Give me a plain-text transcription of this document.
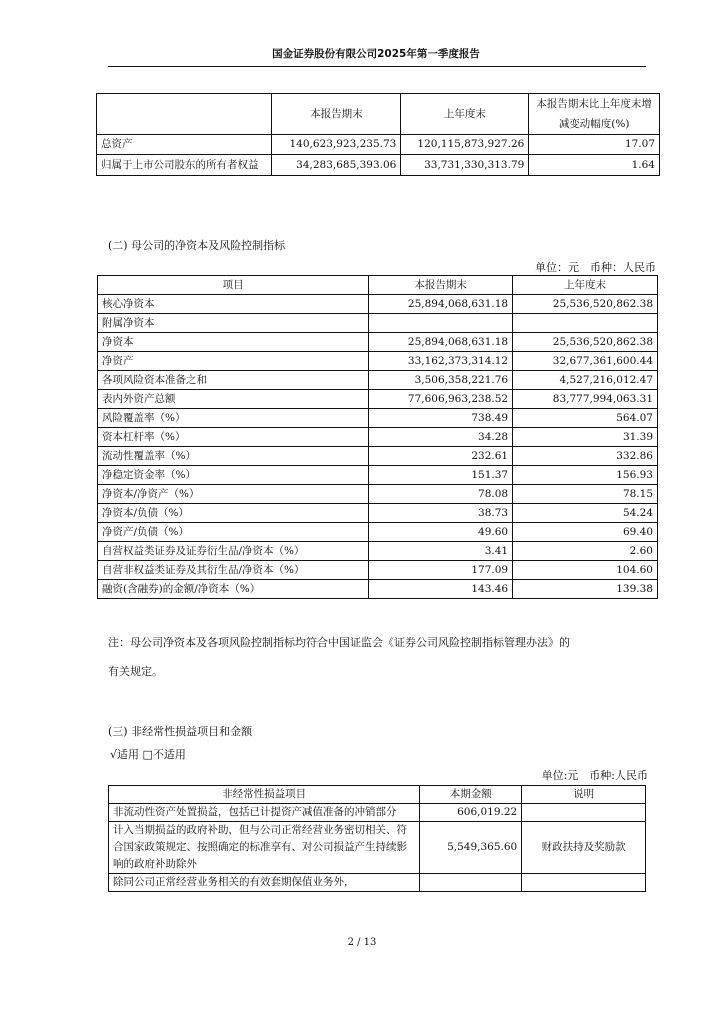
国金证券股份有限公司2025年第一季度报告
	本报告期末	上年度末	本报告期末比上年度末增减变动幅度(%)
总资产	140,623,923,235.73	120,115,873,927.26	17.07
归属于上市公司股东的所有者权益	34,283,685,393.06	33,731,330,313.79	1.64
(二) 母公司的净资本及风险控制指标
单位：元　币种：人民币
项目	本报告期末	上年度末
核心净资本	25,894,068,631.18	25,536,520,862.38
附属净资本		
净资本	25,894,068,631.18	25,536,520,862.38
净资产	33,162,373,314.12	32,677,361,600.44
各项风险资本准备之和	3,506,358,221.76	4,527,216,012.47
表内外资产总额	77,606,963,238.52	83,777,994,063.31
风险覆盖率（%）	738.49	564.07
资本杠杆率（%）	34.28	31.39
流动性覆盖率（%）	232.61	332.86
净稳定资金率（%）	151.37	156.93
净资本/净资产（%）	78.08	78.15
净资本/负债（%）	38.73	54.24
净资产/负债（%）	49.60	69.40
自营权益类证券及证券衍生品/净资本（%）	3.41	2.60
自营非权益类证券及其衍生品/净资本（%）	177.09	104.60
融资(含融券)的金额/净资本（%）	143.46	139.38
注：母公司净资本及各项风险控制指标均符合中国证监会《证券公司风险控制指标管理办法》的
有关规定。
(三) 非经常性损益项目和金额
√适用 □不适用
单位:元　币种:人民币
非经常性损益项目	本期金额	说明
非流动性资产处置损益，包括已计提资产减值准备的冲销部分	606,019.22	
计入当期损益的政府补助，但与公司正常经营业务密切相关、符合国家政策规定、按照确定的标准享有、对公司损益产生持续影响的政府补助除外	5,549,365.60	财政扶持及奖励款
除同公司正常经营业务相关的有效套期保值业务外，		
2 / 13
